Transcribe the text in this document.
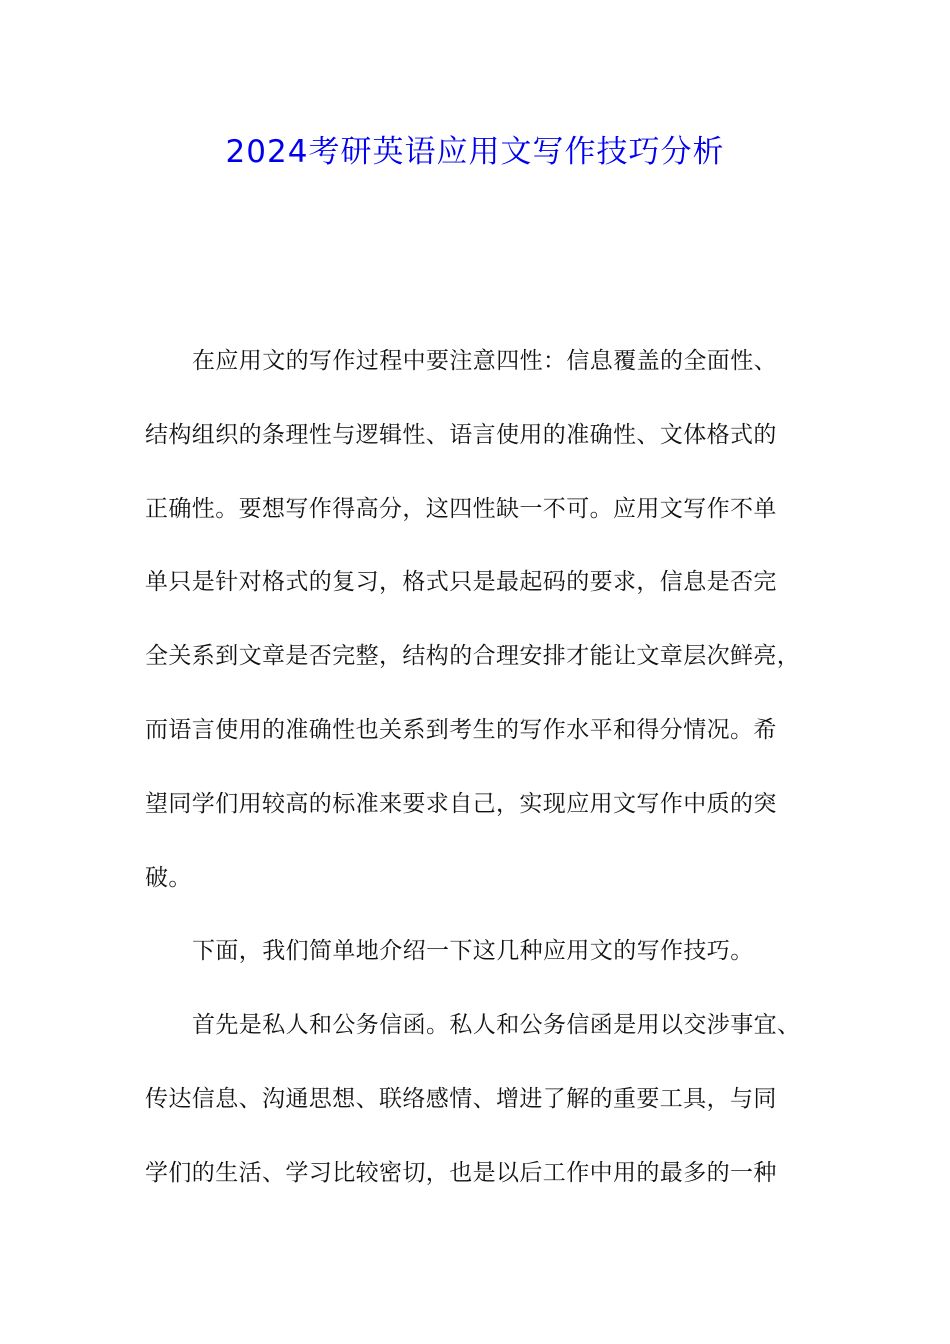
2024考研英语应用文写作技巧分析
在应用文的写作过程中要注意四性：信息覆盖的全面性、
结构组织的条理性与逻辑性、语言使用的准确性、文体格式的
正确性。要想写作得高分，这四性缺一不可。应用文写作不单
单只是针对格式的复习，格式只是最起码的要求，信息是否完
全关系到文章是否完整，结构的合理安排才能让文章层次鲜亮，
而语言使用的准确性也关系到考生的写作水平和得分情况。希
望同学们用较高的标准来要求自己，实现应用文写作中质的突
破。
下面，我们简单地介绍一下这几种应用文的写作技巧。
首先是私人和公务信函。私人和公务信函是用以交涉事宜、
传达信息、沟通思想、联络感情、增进了解的重要工具，与同
学们的生活、学习比较密切，也是以后工作中用的最多的一种
